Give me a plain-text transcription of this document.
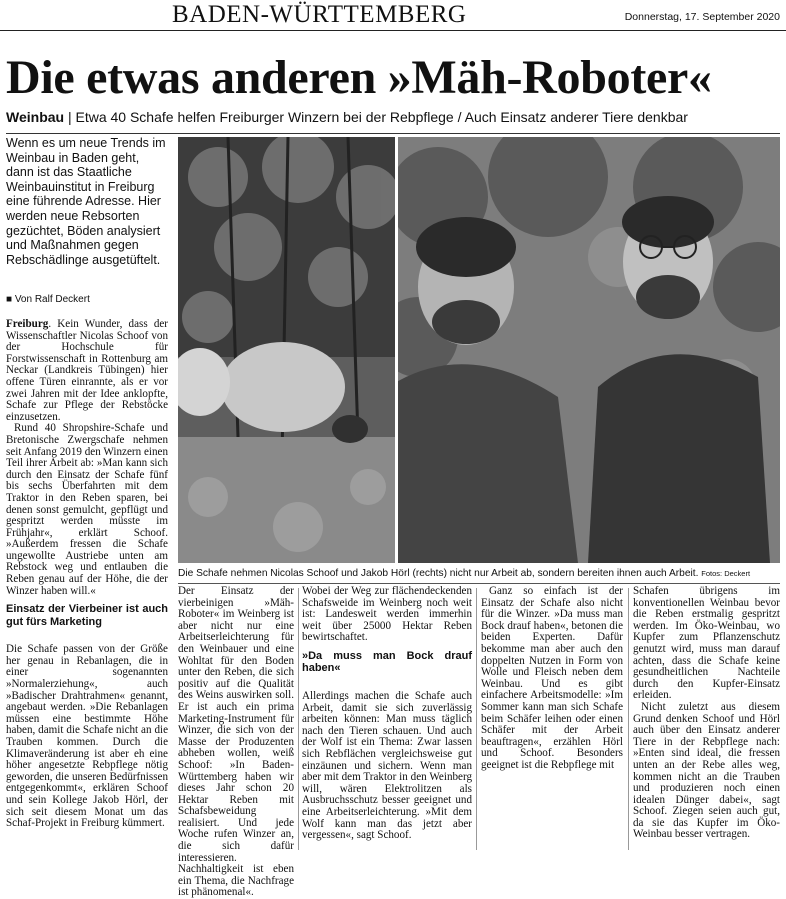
BADEN-WÜRTTEMBERG	Donnerstag, 17. September 2020
Die etwas anderen »Mäh-Roboter«
Weinbau | Etwa 40 Schafe helfen Freiburger Winzern bei der Rebpflege / Auch Einsatz anderer Tiere denkbar
Wenn es um neue Trends im Weinbau in Baden geht, dann ist das Staatliche Weinbauinstitut in Freiburg eine führende Adresse. Hier werden neue Rebsorten gezüchtet, Böden analysiert und Maßnahmen gegen Rebschädlinge ausgetüftelt.
■ Von Ralf Deckert

Freiburg. Kein Wunder, dass der Wissenschaftler Nicolas Schoof von der Hochschule für Forstwissenschaft in Rottenburg am Neckar (Landkreis Tübingen) hier offene Türen einrannte, als er vor zwei Jahren mit der Idee anklopfte, Schafe zur Pflege der Rebstöcke einzusetzen.

Rund 40 Shropshire-Schafe und Bretonische Zwergschafe nehmen seit Anfang 2019 den Winzern einen Teil ihrer Arbeit ab: »Man kann sich durch den Einsatz der Schafe fünf bis sechs Überfahrten mit dem Traktor in den Reben sparen, bei denen sonst gemulcht, gepflügt und gespritzt werden müsste im Frühjahr«, erklärt Schoof. »Außerdem fressen die Schafe ungewollte Austriebe unten am Rebstock weg und entlauben die Reben genau auf der Höhe, die der Winzer haben will.«

Einsatz der Vierbeiner ist auch gut fürs Marketing

Die Schafe passen von der Größe her genau in Rebanlagen, die in einer sogenannten »Normalerziehung«, auch »Badischer Drahtrahmen« genannt, angebaut werden. »Die Rebanlagen müssen eine bestimmte Höhe haben, damit die Schafe nicht an die Trauben kommen. Durch die Klimaveränderung ist aber eh eine höher angesetzte Rebpflege nötig geworden, die unseren Bedürfnissen entgegenkommt«, erklären Schoof und sein Kollege Jakob Hörl, der sich seit diesem Monat um das Schaf-Projekt in Freiburg kümmert.

Die Schafe nehmen Nicolas Schoof und Jakob Hörl (rechts) nicht nur Arbeit ab, sondern bereiten ihnen auch Arbeit. Fotos: Deckert

Der Einsatz der vierbeinigen »Mäh-Roboter« im Weinberg ist aber nicht nur eine Arbeitserleichterung für den Weinbauer und eine Wohltat für den Boden unter den Reben, die sich positiv auf die Qualität des Weins auswirken soll. Er ist auch ein prima Marketing-Instrument für Winzer, die sich von der Masse der Produzenten abheben wollen, weiß Schoof: »In Baden-Württemberg haben wir dieses Jahr schon 20 Hektar Reben mit Schafsbeweidung realisiert. Und jede Woche rufen Winzer an, die sich dafür interessieren. Nachhaltigkeit ist eben ein Thema, die Nachfrage ist phänomenal«.

Wobei der Weg zur flächendeckenden Schafsweide im Weinberg noch weit ist: Landesweit werden immerhin weit über 25000 Hektar Reben bewirtschaftet.

»Da muss man Bock drauf haben«

Allerdings machen die Schafe auch Arbeit, damit sie sich zuverlässig arbeiten können: Man muss täglich nach den Tieren schauen. Und auch der Wolf ist ein Thema: Zwar lassen sich Rebflächen vergleichsweise gut einzäunen und sichern. Wenn man aber mit dem Traktor in den Weinberg will, wären Elektrolitzen als Ausbruchsschutz besser geeignet und eine Arbeitserleichterung. »Mit dem Wolf kann man das jetzt aber vergessen«, sagt Schoof.

Ganz so einfach ist der Einsatz der Schafe also nicht für die Winzer. »Da muss man Bock drauf haben«, betonen die beiden Experten. Dafür bekomme man aber auch den doppelten Nutzen in Form von Wolle und Fleisch neben dem Weinbau. Und es gibt einfachere Arbeitsmodelle: »Im Sommer kann man sich Schafe beim Schäfer leihen oder einen Schäfer mit der Arbeit beauftragen«, erzählen Hörl und Schoof. Besonders geeignet ist die Rebpflege mit

Schafen übrigens im konventionellen Weinbau bevor die Reben erstmalig gespritzt werden. Im Öko-Weinbau, wo Kupfer zum Pflanzenschutz genutzt wird, muss man darauf achten, dass die Schafe keine gesundheitlichen Nachteile durch den Kupfer-Einsatz erleiden.

Nicht zuletzt aus diesem Grund denken Schoof und Hörl auch über den Einsatz anderer Tiere in der Rebpflege nach: »Enten sind ideal, die fressen unten an der Rebe alles weg, kommen nicht an die Trauben und produzieren noch einen idealen Dünger dabei«, sagt Schoof. Ziegen seien auch gut, da sie das Kupfer im Öko-Weinbau besser vertragen.
